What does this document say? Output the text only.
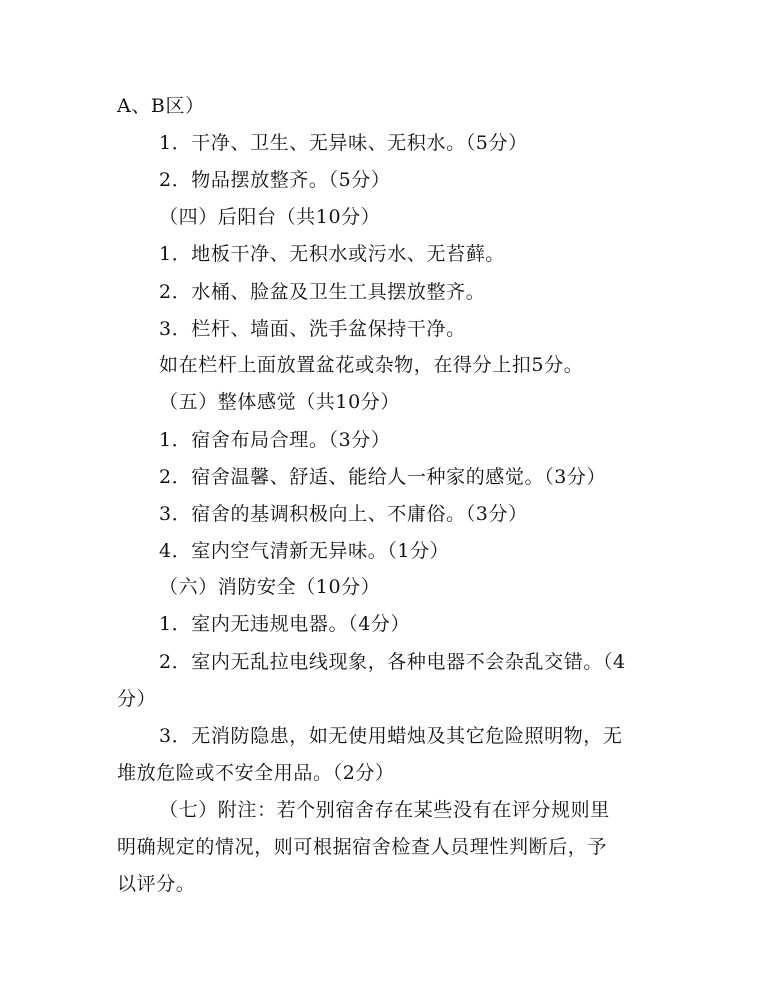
A、B区）

1．干净、卫生、无异味、无积水。（5分）

2．物品摆放整齐。（5分）

（四）后阳台（共10分）

1．地板干净、无积水或污水、无苔藓。

2．水桶、脸盆及卫生工具摆放整齐。

3．栏杆、墙面、洗手盆保持干净。

如在栏杆上面放置盆花或杂物，在得分上扣5分。

（五）整体感觉（共10分）

1．宿舍布局合理。（3分）

2．宿舍温馨、舒适、能给人一种家的感觉。（3分）

3．宿舍的基调积极向上、不庸俗。（3分）

4．室内空气清新无异味。（1分）

（六）消防安全（10分）

1．室内无违规电器。（4分）

2．室内无乱拉电线现象，各种电器不会杂乱交错。（4

分）

3．无消防隐患，如无使用蜡烛及其它危险照明物，无

堆放危险或不安全用品。（2分）

（七）附注：若个别宿舍存在某些没有在评分规则里

明确规定的情况，则可根据宿舍检查人员理性判断后，予

以评分。
